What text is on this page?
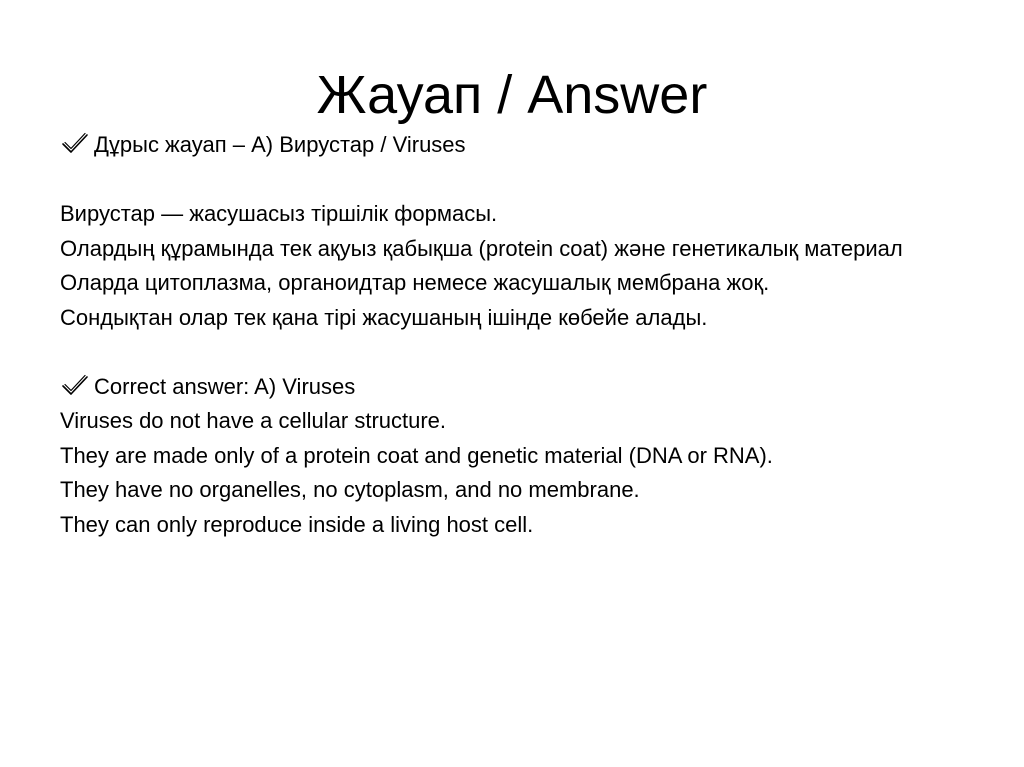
Жауап / Answer
Дұрыс жауап – A) Вирустар / Viruses
Вирустар — жасушасыз тіршілік формасы.
Олардың құрамында тек ақуыз қабықша (protein coat) және генетикалық материал
Оларда цитоплазма, органоидтар немесе жасушалық мембрана жоқ.
Сондықтан олар тек қана тірі жасушаның ішінде көбейе алады.
Correct answer: A) Viruses
Viruses do not have a cellular structure.
They are made only of a protein coat and genetic material (DNA or RNA).
They have no organelles, no cytoplasm, and no membrane.
They can only reproduce inside a living host cell.
